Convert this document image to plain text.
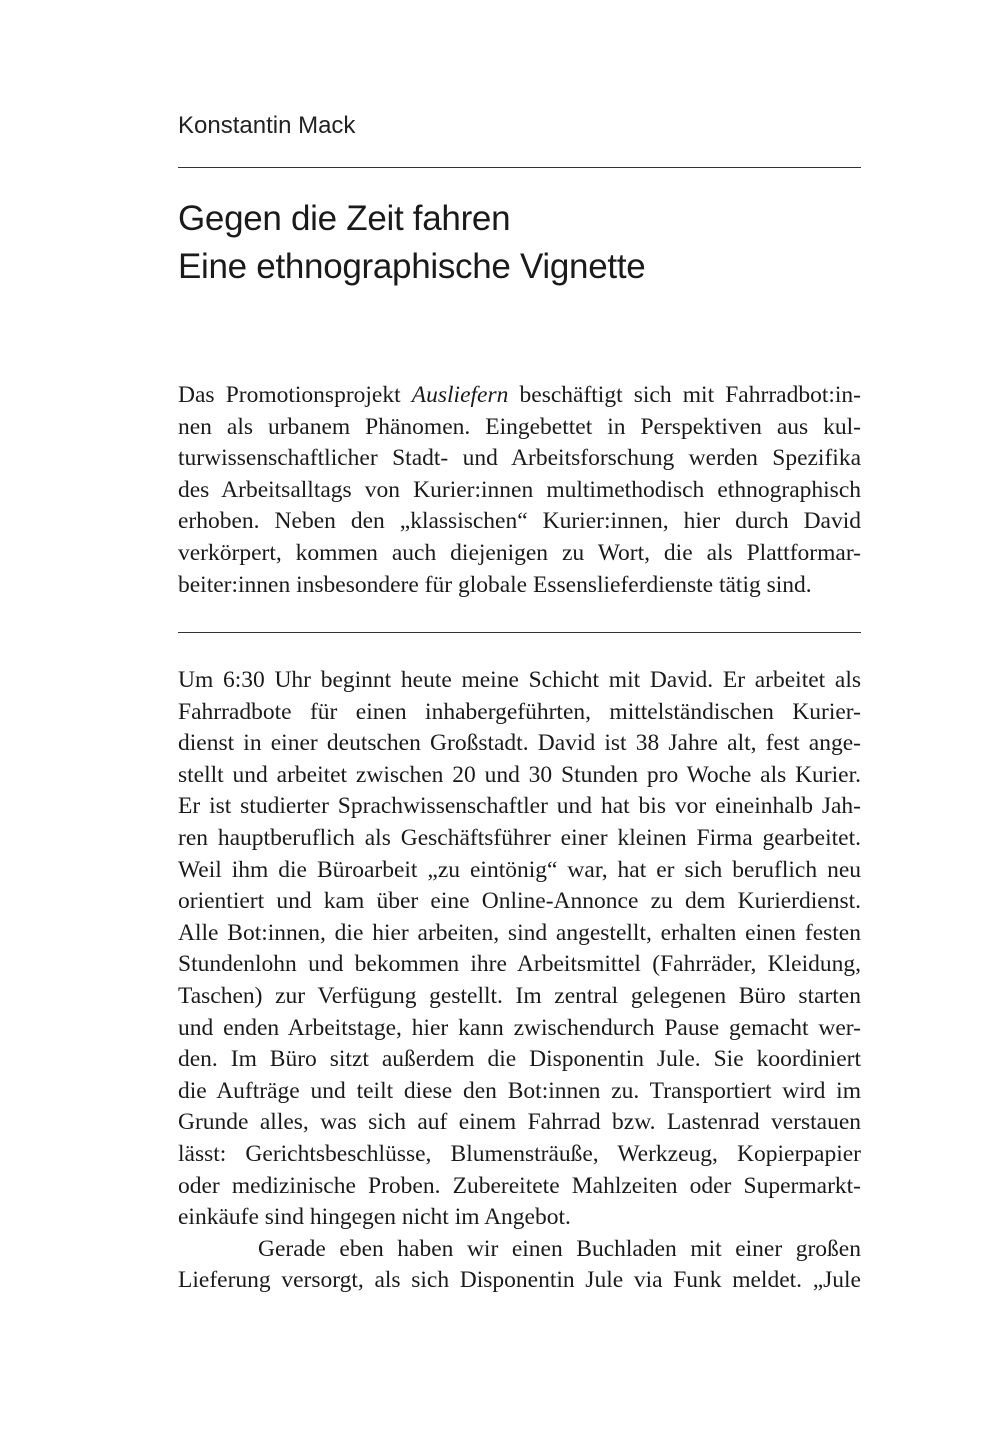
Konstantin Mack
Gegen die Zeit fahren
Eine ethnographische Vignette
Das Promotionsprojekt Ausliefern beschäftigt sich mit Fahrradbot:in-
nen als urbanem Phänomen. Eingebettet in Perspektiven aus kul-
turwissenschaftlicher Stadt- und Arbeitsforschung werden Spezifika
des Arbeitsalltags von Kurier:innen multimethodisch ethnographisch
erhoben. Neben den „klassischen“ Kurier:innen, hier durch David
verkörpert, kommen auch diejenigen zu Wort, die als Plattformar-
beiter:innen insbesondere für globale Essenslieferdienste tätig sind.
Um 6:30 Uhr beginnt heute meine Schicht mit David. Er arbeitet als
Fahrradbote für einen inhabergeführten, mittelständischen Kurier-
dienst in einer deutschen Großstadt. David ist 38 Jahre alt, fest ange-
stellt und arbeitet zwischen 20 und 30 Stunden pro Woche als Kurier.
Er ist studierter Sprachwissenschaftler und hat bis vor eineinhalb Jah-
ren hauptberuflich als Geschäftsführer einer kleinen Firma gearbeitet.
Weil ihm die Büroarbeit „zu eintönig“ war, hat er sich beruflich neu
orientiert und kam über eine Online-Annonce zu dem Kurierdienst.
Alle Bot:innen, die hier arbeiten, sind angestellt, erhalten einen festen
Stundenlohn und bekommen ihre Arbeitsmittel (Fahrräder, Kleidung,
Taschen) zur Verfügung gestellt. Im zentral gelegenen Büro starten
und enden Arbeitstage, hier kann zwischendurch Pause gemacht wer-
den. Im Büro sitzt außerdem die Disponentin Jule. Sie koordiniert
die Aufträge und teilt diese den Bot:innen zu. Transportiert wird im
Grunde alles, was sich auf einem Fahrrad bzw. Lastenrad verstauen
lässt: Gerichtsbeschlüsse, Blumensträuße, Werkzeug, Kopierpapier
oder medizinische Proben. Zubereitete Mahlzeiten oder Supermarkt-
einkäufe sind hingegen nicht im Angebot.
Gerade eben haben wir einen Buchladen mit einer großen
Lieferung versorgt, als sich Disponentin Jule via Funk meldet. „Jule
